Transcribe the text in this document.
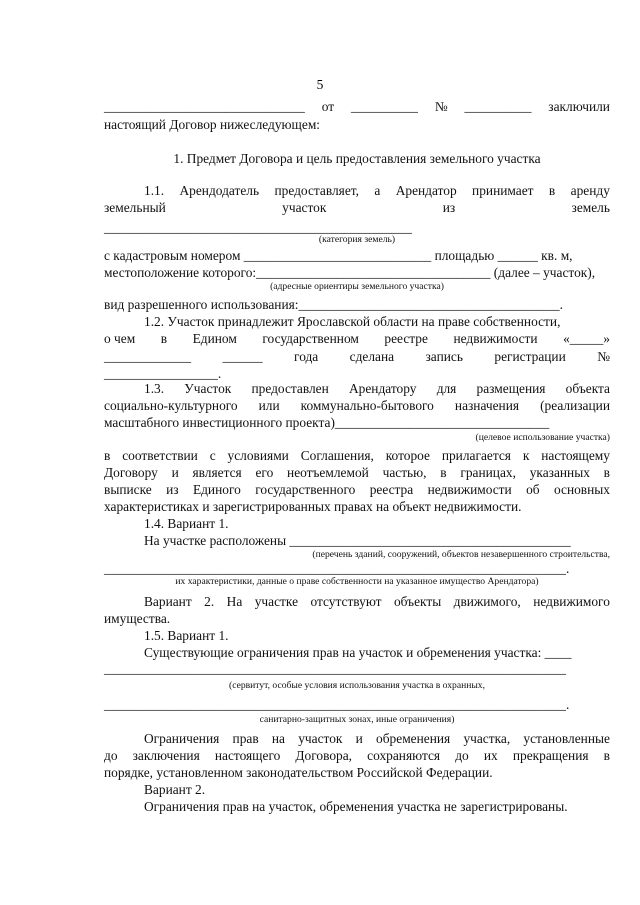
5
______________________________ от __________ № __________ заключили
настоящий Договор нижеследующем:
1. Предмет Договора и цель предоставления земельного участка
1.1. Арендодатель предоставляет, а Арендатор принимает в аренду
земельный	участок	из	земель
______________________________________________
(категория земель)
с кадастровым номером ____________________________ площадью ______ кв. м,
местоположение которого:___________________________________ (далее – участок),
(адресные ориентиры земельного участка)
вид разрешенного использования:_______________________________________.
1.2. Участок принадлежит Ярославской области на праве собственности,
о чем в Едином государственном реестре недвижимости «_____»
_____________ ______ года сделана запись регистрации №
_________________.
1.3. Участок предоставлен Арендатору для размещения объекта
социально-культурного или коммунально-бытового назначения (реализации
масштабного инвестиционного проекта)________________________________
(целевое использование участка)
в соответствии с условиями Соглашения, которое прилагается к настоящему
Договору и является его неотъемлемой частью, в границах, указанных в
выписке из Единого государственного реестра недвижимости об основных
характеристиках и зарегистрированных правах на объект недвижимости.
1.4. Вариант 1.
На участке расположены __________________________________________
(перечень зданий, сооружений, объектов незавершенного строительства,
_____________________________________________________________________.
их характеристики, данные о праве собственности на указанное имущество Арендатора)
Вариант 2. На участке отсутствуют объекты движимого, недвижимого
имущества.
1.5. Вариант 1.
Существующие ограничения прав на участок и обременения участка: ____
_____________________________________________________________________
(сервитут, особые условия использования участка в охранных,
_____________________________________________________________________.
санитарно-защитных зонах, иные ограничения)
Ограничения прав на участок и обременения участка, установленные
до заключения настоящего Договора, сохраняются до их прекращения в
порядке, установленном законодательством Российской Федерации.
Вариант 2.
Ограничения прав на участок, обременения участка не зарегистрированы.
